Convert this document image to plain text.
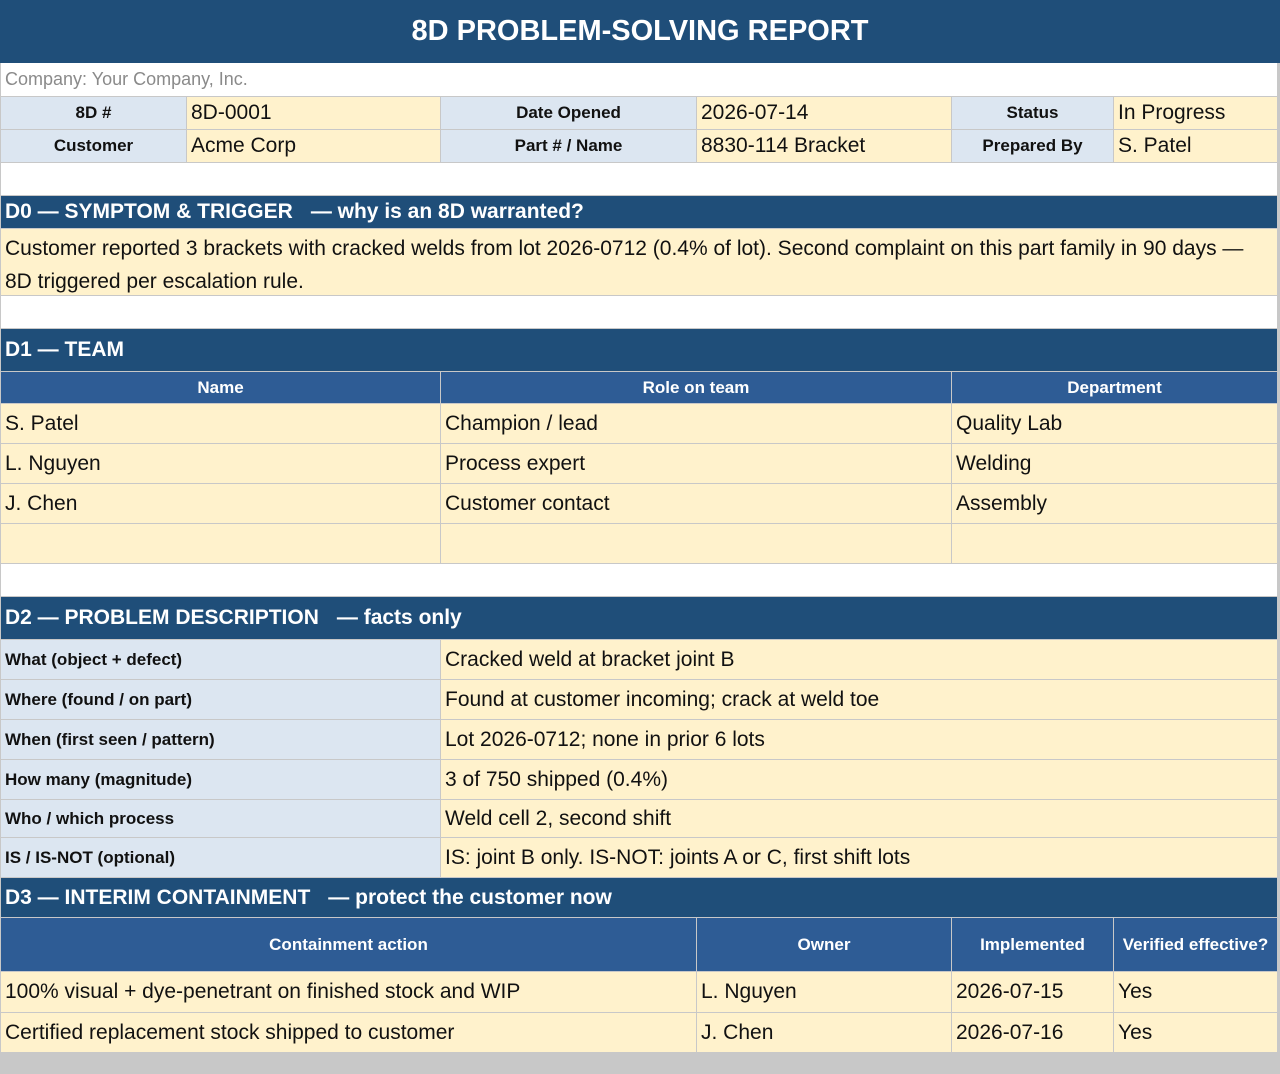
8D PROBLEM-SOLVING REPORT
Company: Your Company, Inc.
8D #	8D-0001	Date Opened	2026-07-14	Status	In Progress
Customer	Acme Corp	Part # / Name	8830-114 Bracket	Prepared By	S. Patel
D0 — SYMPTOM & TRIGGER — why is an 8D warranted?
Customer reported 3 brackets with cracked welds from lot 2026-0712 (0.4% of lot). Second complaint on this part family in 90 days — 8D triggered per escalation rule.
D1 — TEAM
Name	Role on team	Department
S. Patel	Champion / lead	Quality Lab
L. Nguyen	Process expert	Welding
J. Chen	Customer contact	Assembly
D2 — PROBLEM DESCRIPTION — facts only
What (object + defect)	Cracked weld at bracket joint B
Where (found / on part)	Found at customer incoming; crack at weld toe
When (first seen / pattern)	Lot 2026-0712; none in prior 6 lots
How many (magnitude)	3 of 750 shipped (0.4%)
Who / which process	Weld cell 2, second shift
IS / IS-NOT (optional)	IS: joint B only. IS-NOT: joints A or C, first shift lots
D3 — INTERIM CONTAINMENT — protect the customer now
Containment action	Owner	Implemented	Verified effective?
100% visual + dye-penetrant on finished stock and WIP	L. Nguyen	2026-07-15	Yes
Certified replacement stock shipped to customer	J. Chen	2026-07-16	Yes
